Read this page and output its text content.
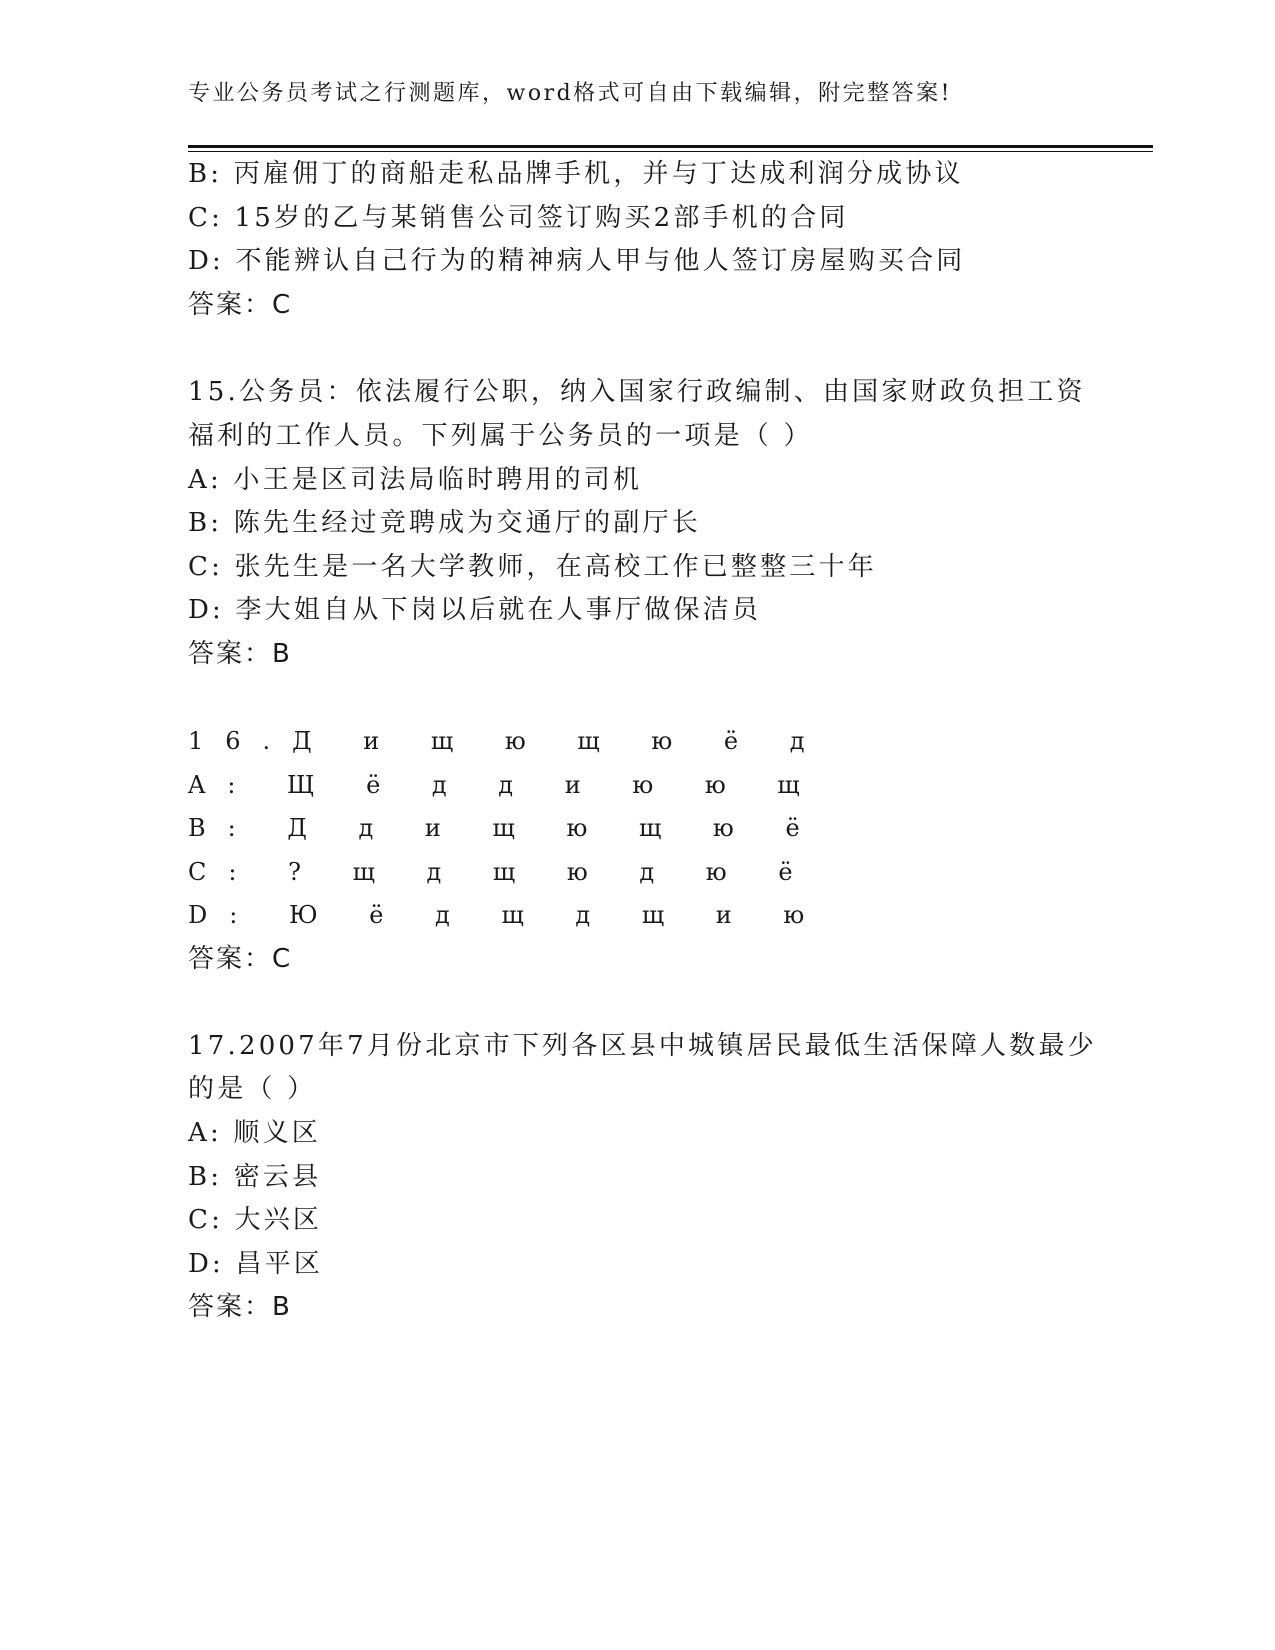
专业公务员考试之行测题库，word格式可自由下载编辑，附完整答案!
B: 丙雇佣丁的商船走私品牌手机，并与丁达成利润分成协议
C: 15岁的乙与某销售公司签订购买2部手机的合同
D: 不能辨认自己行为的精神病人甲与他人签订房屋购买合同
答案：C
15.公务员：依法履行公职，纳入国家行政编制、由国家财政负担工资
福利的工作人员。下列属于公务员的一项是（ ）
A: 小王是区司法局临时聘用的司机
B: 陈先生经过竞聘成为交通厅的副厅长
C: 张先生是一名大学教师，在高校工作已整整三十年
D: 李大姐自从下岗以后就在人事厅做保洁员
答案：B
16.Д и щ ю щ ю ё д
A: Щ ё д д и ю ю щ
B: Д д и щ ю щ ю ё
C: ? щ д щ ю д ю ё
D: Ю ё д щ д щ и ю
答案：C
17.2007年7月份北京市下列各区县中城镇居民最低生活保障人数最少
的是（ ）
A: 顺义区
B: 密云县
C: 大兴区
D: 昌平区
答案：B
